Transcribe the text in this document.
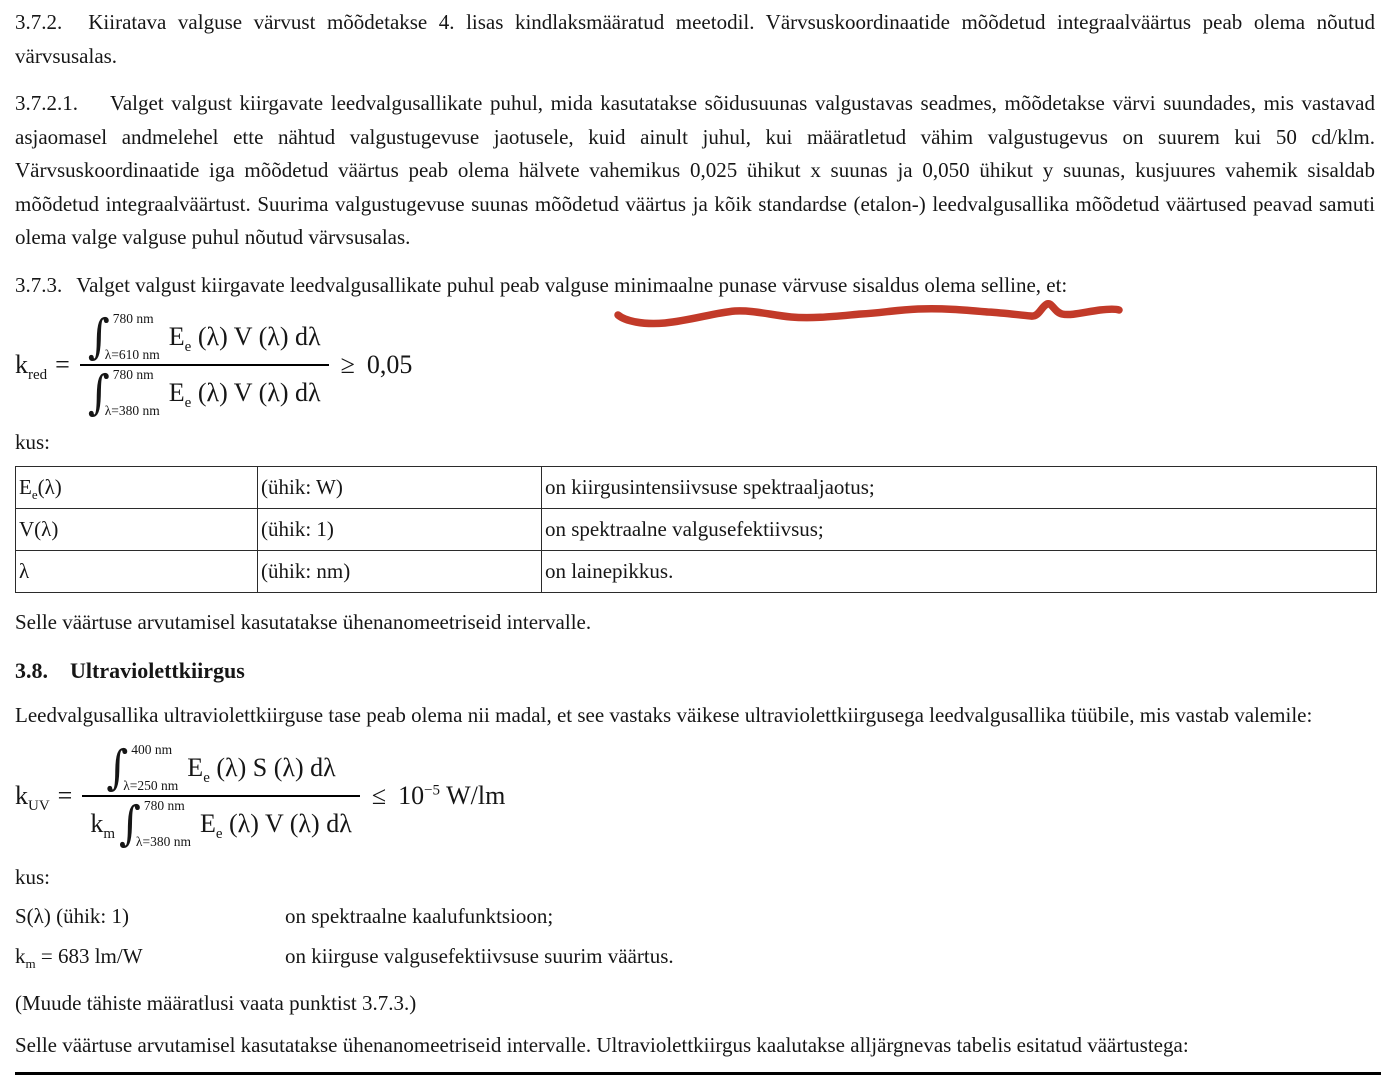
3.7.2. Kiiratava valguse värvust mõõdetakse 4. lisas kindlaksmääratud meetodil. Värvsuskoordinaatide mõõdetud integraalväärtus peab olema nõutud värvsusalas.

3.7.2.1. Valget valgust kiirgavate leedvalgusallikate puhul, mida kasutatakse sõidusuunas valgustavas seadmes, mõõdetakse värvi suundades, mis vastavad asjaomasel andmelehel ette nähtud valgustugevuse jaotusele, kuid ainult juhul, kui määratletud vähim valgustugevus on suurem kui 50 cd/klm. Värvsuskoordinaatide iga mõõdetud väärtus peab olema hälvete vahemikus 0,025 ühikut x suunas ja 0,050 ühikut y suunas, kusjuures vahemik sisaldab mõõdetud integraalväärtust. Suurima valgustugevuse suunas mõõdetud väärtus ja kõik standardse (etalon-) leedvalgusallika mõõdetud väärtused peavad samuti olema valge valguse puhul nõutud värvsusalas.

3.7.3. Valget valgust kiirgavate leedvalgusallikate puhul peab valguse minimaalne punase värvuse sisaldus olema selline, et:

$k_{red}$ =
∫ 780 nm
λ=610 nm
$E_e$ (λ) V (λ) dλ
∫ 780 nm
λ=380 nm
$E_e$ (λ) V (λ) dλ
≥ 0,05
kus:
$E_e(\lambda)$	(ühik: W)	on kiirgusintensiivsuse spektraaljaotus;
V(λ)	(ühik: 1)	on spektraalne valgusefektiivsus;
λ	(ühik: nm)	on lainepikkus.
Selle väärtuse arvutamisel kasutatakse ühenanomeetriseid intervalle.
3.8. Ultraviolettkiirgus

Leedvalgusallika ultraviolettkiirguse tase peab olema nii madal, et see vastaks väikese ultraviolettkiirgusega leedvalgusallika tüübile, mis vastab valemile:

$k_{UV}$ =
∫ 400 nm
λ=250 nm
$E_e$ (λ) S (λ) dλ
$k_m$ ∫ 780 nm
λ=380 nm
$E_e$ (λ) V (λ) dλ
≤ $10^{-5}$ W/lm
kus:
S(λ) (ühik: 1)	on spektraalne kaalufunktsioon;
$k_m = 683$ lm/W	on kiirguse valgusefektiivsuse suurim väärtus.
(Muude tähiste määratlusi vaata punktist 3.7.3.)
Selle väärtuse arvutamisel kasutatakse ühenanomeetriseid intervalle. Ultraviolettkiirgus kaalutakse alljärgnevas tabelis esitatud väärtustega:
